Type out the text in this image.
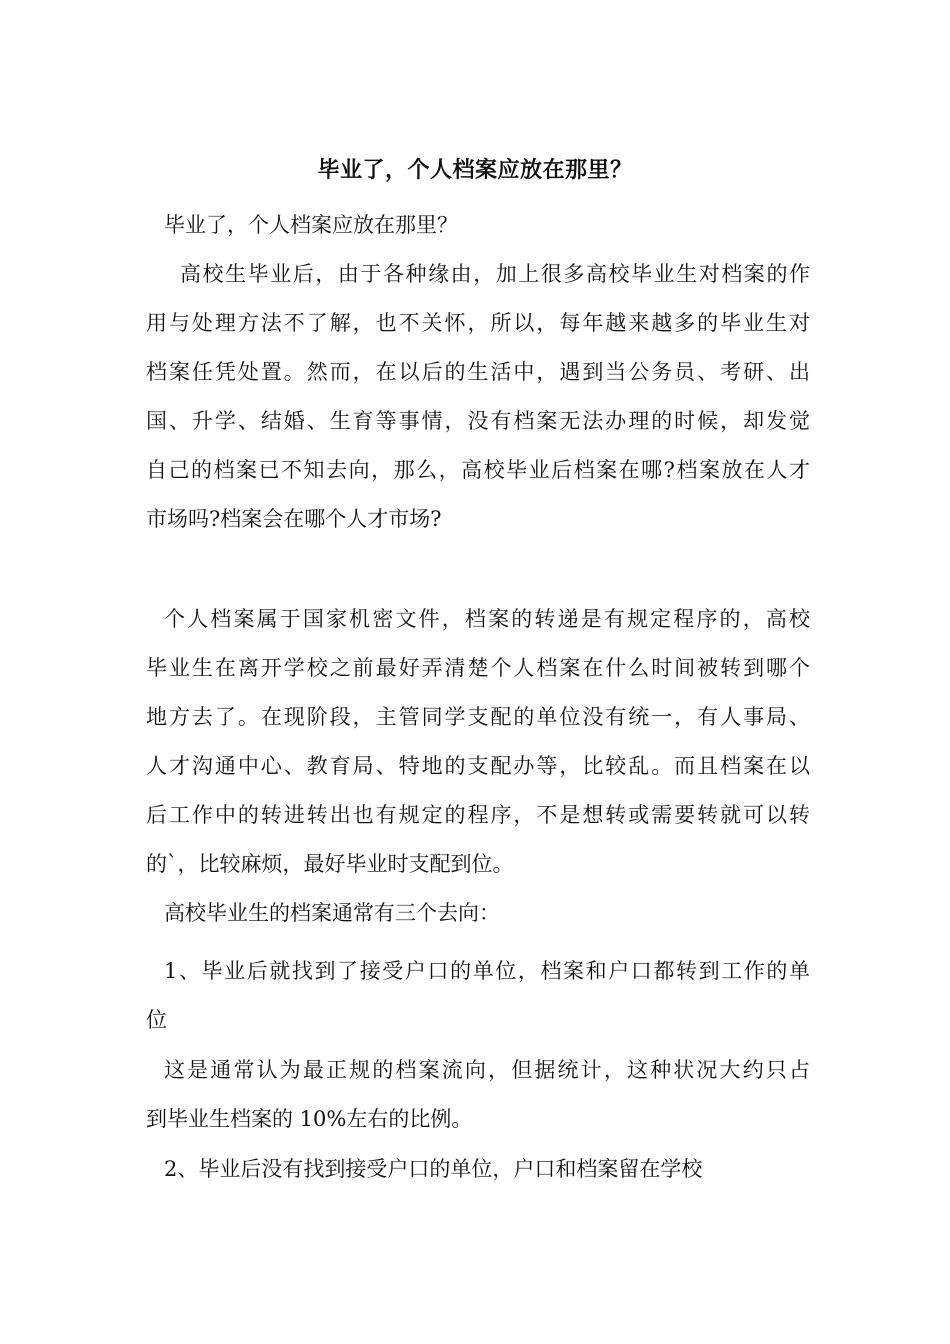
毕业了，个人档案应放在那里？
毕业了，个人档案应放在那里？
高校生毕业后，由于各种缘由，加上很多高校毕业生对档案的作
用与处理方法不了解，也不关怀，所以，每年越来越多的毕业生对
档案任凭处置。然而，在以后的生活中，遇到当公务员、考研、出
国、升学、结婚、生育等事情，没有档案无法办理的时候，却发觉
自己的档案已不知去向，那么，高校毕业后档案在哪?档案放在人才
市场吗?档案会在哪个人才市场?
个人档案属于国家机密文件，档案的转递是有规定程序的，高校
毕业生在离开学校之前最好弄清楚个人档案在什么时间被转到哪个
地方去了。在现阶段，主管同学支配的单位没有统一，有人事局、
人才沟通中心、教育局、特地的支配办等，比较乱。而且档案在以
后工作中的转进转出也有规定的程序，不是想转或需要转就可以转
的`，比较麻烦，最好毕业时支配到位。
高校毕业生的档案通常有三个去向：
1、毕业后就找到了接受户口的单位，档案和户口都转到工作的单
位
这是通常认为最正规的档案流向，但据统计，这种状况大约只占
到毕业生档案的 10%左右的比例。
2、毕业后没有找到接受户口的单位，户口和档案留在学校
